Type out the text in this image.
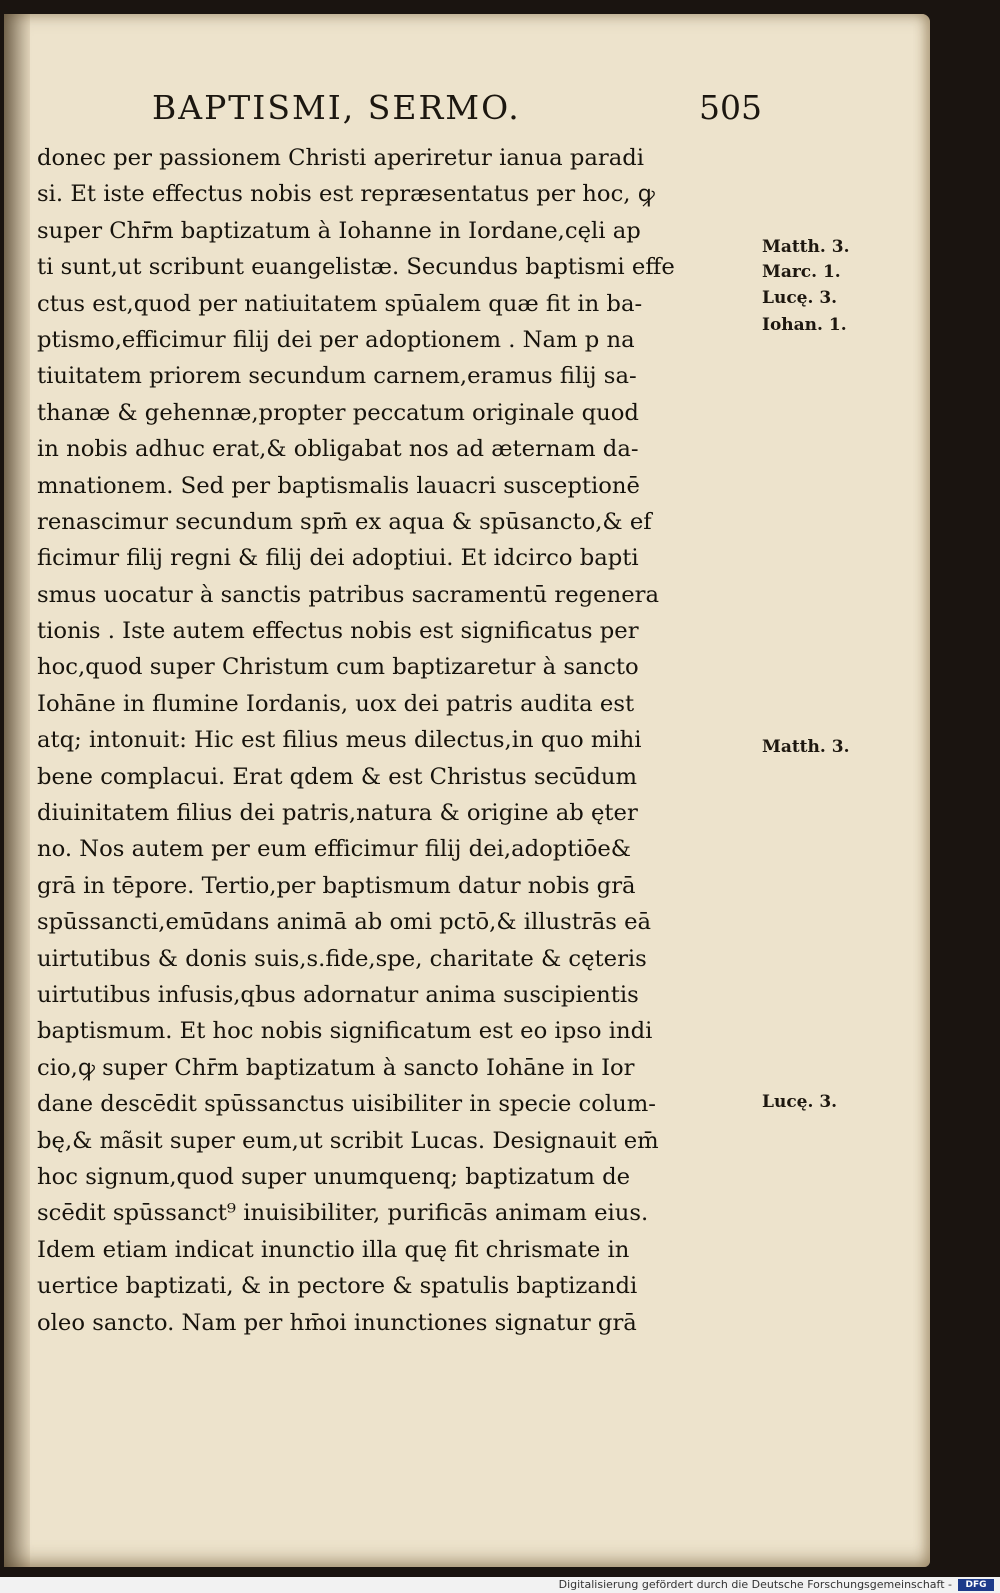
BAPTISMI, SERMO.	505
donec per passionem Christi aperiretur ianua paradi
si. Et iste effectus nobis est repræsentatus per hoc, ꝙ
super Chr̄m baptizatum à Iohanne in Iordane,cęli ap
ti sunt,ut scribunt euangelistæ. Secundus baptismi effe
ctus est,quod per natiuitatem spūalem quæ fit in ba-
ptismo,efficimur filij dei per adoptionem . Nam p na
tiuitatem priorem secundum carnem,eramus filij sa-
thanæ & gehennæ,propter peccatum originale quod
in nobis adhuc erat,& obligabat nos ad æternam da-
mnationem. Sed per baptismalis lauacri susceptionē
renascimur secundum spm̄ ex aqua & spūsancto,& ef
ficimur filij regni & filij dei adoptiui. Et idcirco bapti
smus uocatur à sanctis patribus sacramentū regenera
tionis . Iste autem effectus nobis est significatus per
hoc,quod super Christum cum baptizaretur à sancto
Iohāne in flumine Iordanis, uox dei patris audita est
atq; intonuit: Hic est filius meus dilectus,in quo mihi
bene complacui. Erat qdem & est Christus secūdum
diuinitatem filius dei patris,natura & origine ab ęter
no. Nos autem per eum efficimur filij dei,adoptiōe&
grā in tēpore. Tertio,per baptismum datur nobis grā
spūssancti,emūdans animā ab omi pctō,& illustrās eā
uirtutibus & donis suis,s.fide,spe, charitate & cęteris
uirtutibus infusis,qbus adornatur anima suscipientis
baptismum. Et hoc nobis significatum est eo ipso indi
cio,ꝙ super Chr̄m baptizatum à sancto Iohāne in Ior
dane descēdit spūssanctus uisibiliter in specie colum-
bę,& mãsit super eum,ut scribit Lucas. Designauit em̄
hoc signum,quod super unumquenq; baptizatum de
scēdit spūssanct⁹ inuisibiliter, purificās animam eius.
Idem etiam indicat inunctio illa quę fit chrismate in
uertice baptizati, & in pectore & spatulis baptizandi
oleo sancto. Nam per hm̄oi inunctiones signatur grā
Matth. 3.
Marc. 1.
Lucę. 3.
Iohan. 1.
Matth. 3.
Lucę. 3.
Digitalisierung gefördert durch die Deutsche Forschungsgemeinschaft -	DFG
